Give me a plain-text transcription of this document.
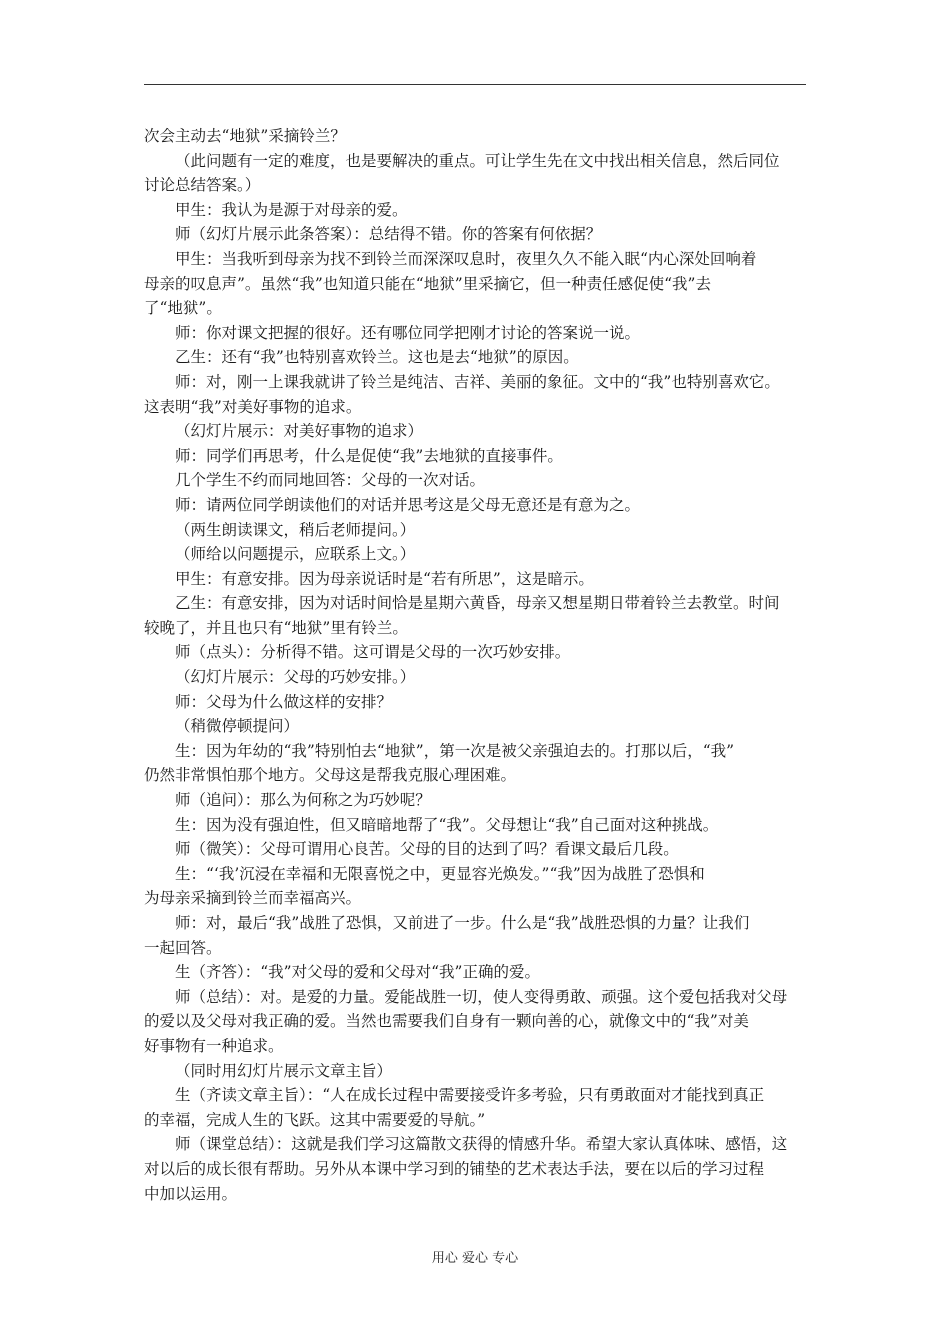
次会主动去“地狱”采摘铃兰？
（此问题有一定的难度，也是要解决的重点。可让学生先在文中找出相关信息，然后同位
讨论总结答案。）
甲生：我认为是源于对母亲的爱。
师（幻灯片展示此条答案）：总结得不错。你的答案有何依据？
甲生：当我听到母亲为找不到铃兰而深深叹息时，夜里久久不能入眠“内心深处回响着
母亲的叹息声”。虽然“我”也知道只能在“地狱”里采摘它，但一种责任感促使“我”去
了“地狱”。
师：你对课文把握的很好。还有哪位同学把刚才讨论的答案说一说。
乙生：还有“我”也特别喜欢铃兰。这也是去“地狱”的原因。
师：对，刚一上课我就讲了铃兰是纯洁、吉祥、美丽的象征。文中的“我”也特别喜欢它。
这表明“我”对美好事物的追求。
（幻灯片展示：对美好事物的追求）
师：同学们再思考，什么是促使“我”去地狱的直接事件。
几个学生不约而同地回答：父母的一次对话。
师：请两位同学朗读他们的对话并思考这是父母无意还是有意为之。
（两生朗读课文，稍后老师提问。）
（师给以问题提示，应联系上文。）
甲生：有意安排。因为母亲说话时是“若有所思”，这是暗示。
乙生：有意安排，因为对话时间恰是星期六黄昏，母亲又想星期日带着铃兰去教堂。时间
较晚了，并且也只有“地狱”里有铃兰。
师（点头）：分析得不错。这可谓是父母的一次巧妙安排。
（幻灯片展示：父母的巧妙安排。）
师：父母为什么做这样的安排？
（稍微停顿提问）
生：因为年幼的“我”特别怕去“地狱”，第一次是被父亲强迫去的。打那以后，“我”
仍然非常惧怕那个地方。父母这是帮我克服心理困难。
师（追问）：那么为何称之为巧妙呢？
生：因为没有强迫性，但又暗暗地帮了“我”。父母想让“我”自己面对这种挑战。
师（微笑）：父母可谓用心良苦。父母的目的达到了吗？看课文最后几段。
生：“‘我’沉浸在幸福和无限喜悦之中，更显容光焕发。”“我”因为战胜了恐惧和
为母亲采摘到铃兰而幸福高兴。
师：对，最后“我”战胜了恐惧，又前进了一步。什么是“我”战胜恐惧的力量？让我们
一起回答。
生（齐答）：“我”对父母的爱和父母对“我”正确的爱。
师（总结）：对。是爱的力量。爱能战胜一切，使人变得勇敢、顽强。这个爱包括我对父母
的爱以及父母对我正确的爱。当然也需要我们自身有一颗向善的心，就像文中的“我”对美
好事物有一种追求。
（同时用幻灯片展示文章主旨）
生（齐读文章主旨）：“人在成长过程中需要接受许多考验，只有勇敢面对才能找到真正
的幸福，完成人生的飞跃。这其中需要爱的导航。”
师（课堂总结）：这就是我们学习这篇散文获得的情感升华。希望大家认真体味、感悟，这
对以后的成长很有帮助。另外从本课中学习到的铺垫的艺术表达手法，要在以后的学习过程
中加以运用。
用心 爱心 专心
